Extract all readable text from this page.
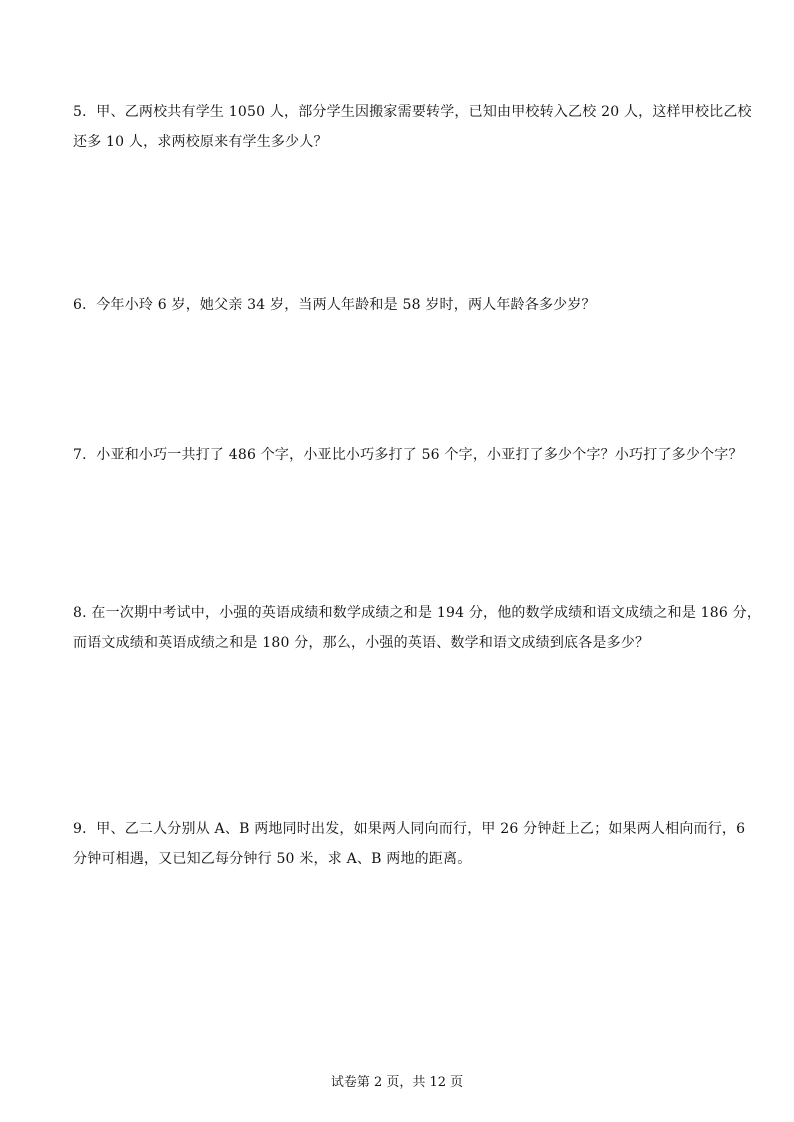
5．甲、乙两校共有学生 1050 人，部分学生因搬家需要转学，已知由甲校转入乙校 20 人，这样甲校比乙校

还多 10 人，求两校原来有学生多少人？

6．今年小玲 6 岁，她父亲 34 岁，当两人年龄和是 58 岁时，两人年龄各多少岁？

7．小亚和小巧一共打了 486 个字，小亚比小巧多打了 56 个字，小亚打了多少个字？小巧打了多少个字？

8. 在一次期中考试中，小强的英语成绩和数学成绩之和是 194 分，他的数学成绩和语文成绩之和是 186 分，

而语文成绩和英语成绩之和是 180 分，那么，小强的英语、数学和语文成绩到底各是多少？

9．甲、乙二人分别从 A、B 两地同时出发，如果两人同向而行，甲 26 分钟赶上乙；如果两人相向而行，6

分钟可相遇，又已知乙每分钟行 50 米，求 A、B 两地的距离。

试卷第 2 页，共 12 页
